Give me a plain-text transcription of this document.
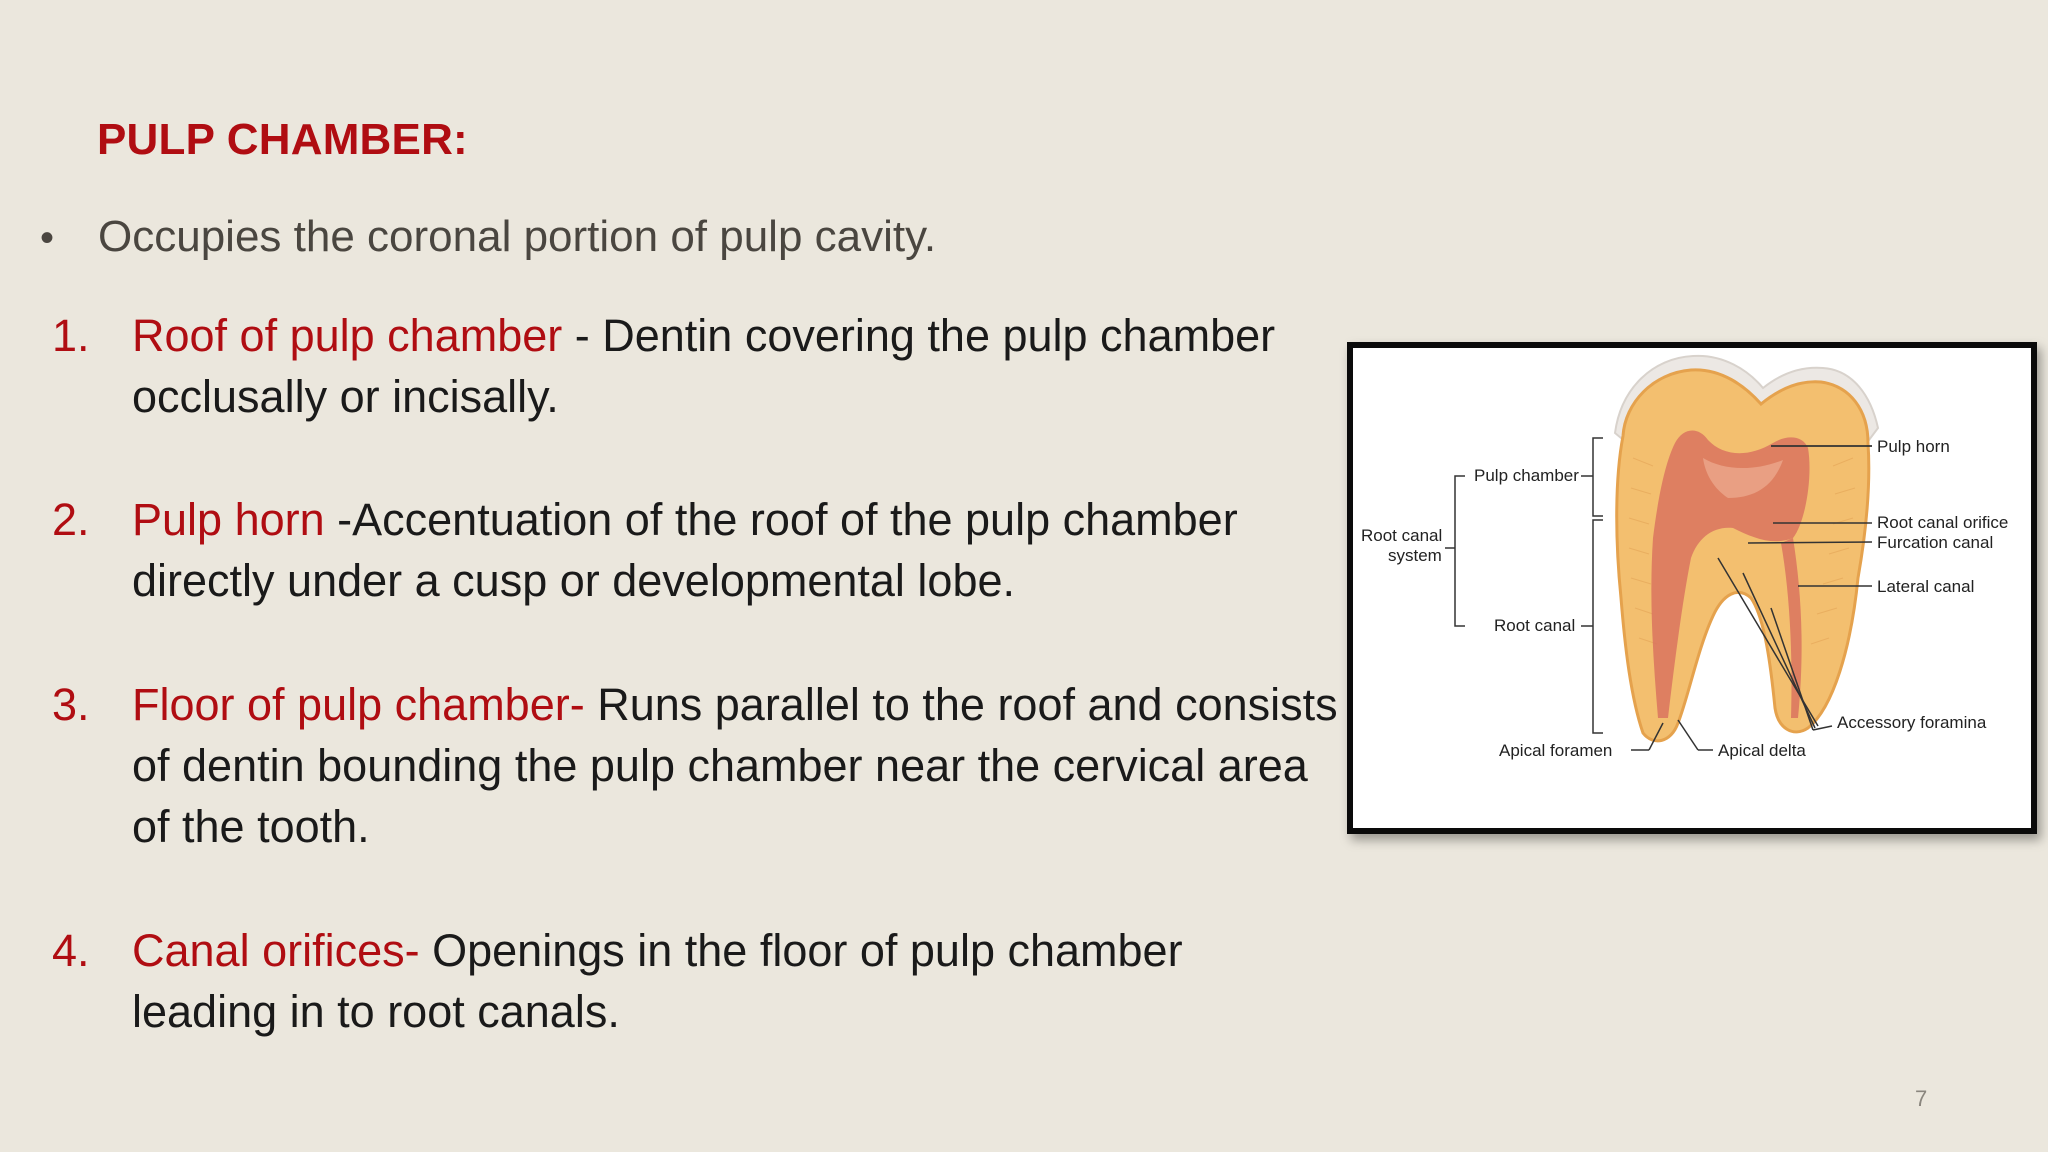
PULP CHAMBER:
• Occupies the coronal portion of pulp cavity.
1. Roof of pulp chamber - Dentin covering the pulp chamber occlusally or incisally.
2. Pulp horn -Accentuation of the roof of the pulp chamber directly under a cusp or developmental lobe.
3. Floor of pulp chamber- Runs parallel to the roof and consists of dentin bounding the pulp chamber near the cervical area of the tooth.
4. Canal orifices- Openings in the floor of pulp chamber leading in to root canals.
Pulp chamber
Root canal
system
Root canal
Apical foramen	Apical delta
Pulp horn
Root canal orifice
Furcation canal
Lateral canal
Accessory foramina
7
